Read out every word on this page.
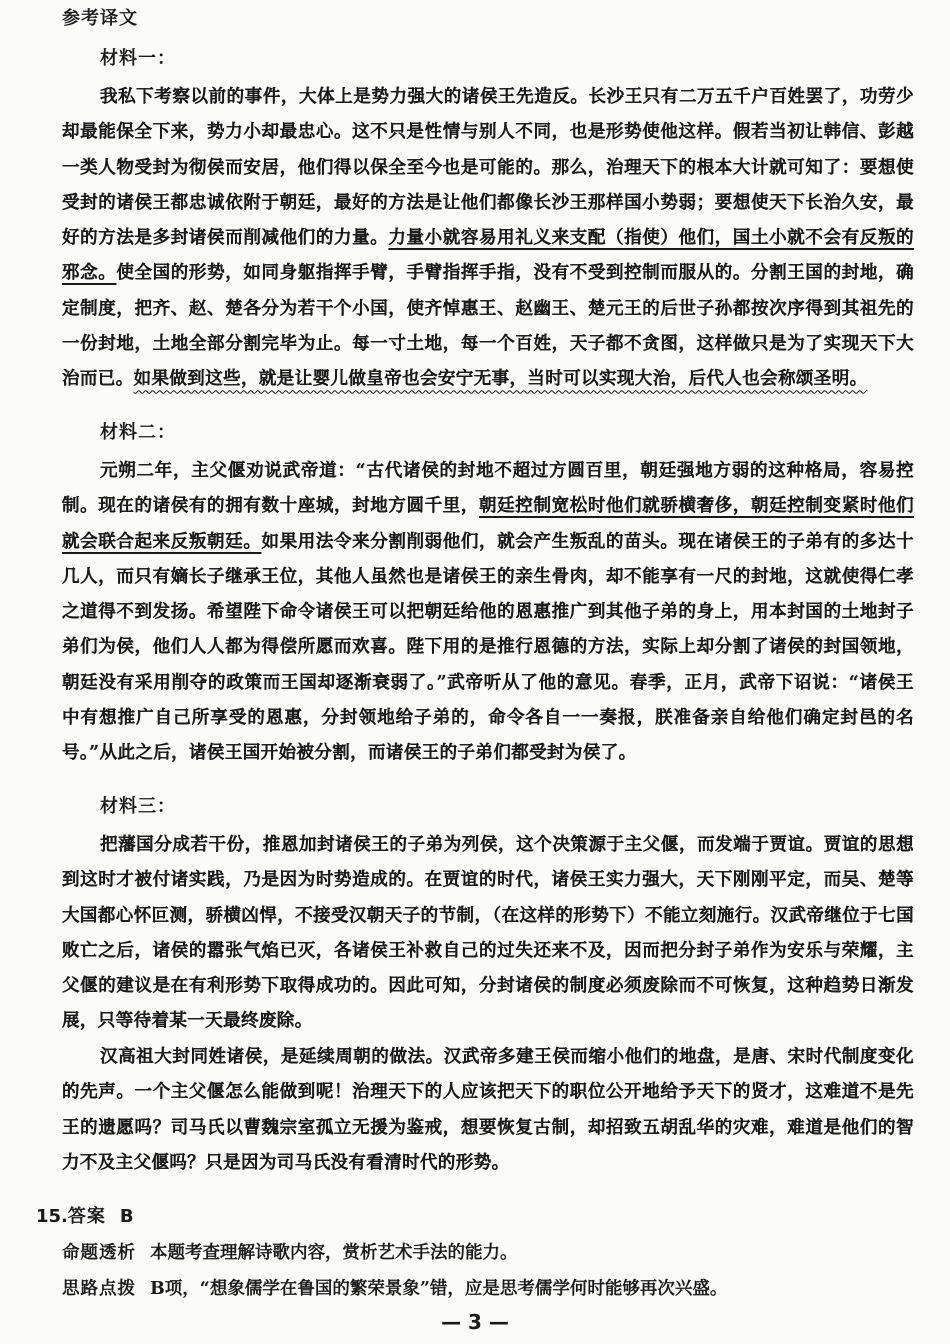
参考译文
材料一：
我私下考察以前的事件，大体上是势力强大的诸侯王先造反。长沙王只有二万五千户百姓罢了，功劳少却最能保全下来，势力小却最忠心。这不只是性情与别人不同，也是形势使他这样。假若当初让韩信、彭越一类人物受封为彻侯而安居，他们得以保全至今也是可能的。那么，治理天下的根本大计就可知了：要想使受封的诸侯王都忠诚依附于朝廷，最好的方法是让他们都像长沙王那样国小势弱；要想使天下长治久安，最好的方法是多封诸侯而削减他们的力量。力量小就容易用礼义来支配（指使）他们，国土小就不会有反叛的邪念。使全国的形势，如同身躯指挥手臂，手臂指挥手指，没有不受到控制而服从的。分割王国的封地，确定制度，把齐、赵、楚各分为若干个小国，使齐悼惠王、赵幽王、楚元王的后世子孙都按次序得到其祖先的一份封地，土地全部分割完毕为止。每一寸土地，每一个百姓，天子都不贪图，这样做只是为了实现天下大治而已。如果做到这些，就是让婴儿做皇帝也会安宁无事，当时可以实现大治，后代人也会称颂圣明。
材料二：
元朔二年，主父偃劝说武帝道：“古代诸侯的封地不超过方圆百里，朝廷强地方弱的这种格局，容易控制。现在的诸侯有的拥有数十座城，封地方圆千里，朝廷控制宽松时他们就骄横奢侈，朝廷控制变紧时他们就会联合起来反叛朝廷。如果用法令来分割削弱他们，就会产生叛乱的苗头。现在诸侯王的子弟有的多达十几人，而只有嫡长子继承王位，其他人虽然也是诸侯王的亲生骨肉，却不能享有一尺的封地，这就使得仁孝之道得不到发扬。希望陛下命令诸侯王可以把朝廷给他的恩惠推广到其他子弟的身上，用本封国的土地封子弟们为侯，他们人人都为得偿所愿而欢喜。陛下用的是推行恩德的方法，实际上却分割了诸侯的封国领地，朝廷没有采用削夺的政策而王国却逐渐衰弱了。”武帝听从了他的意见。春季，正月，武帝下诏说：“诸侯王中有想推广自己所享受的恩惠，分封领地给子弟的，命令各自一一奏报，朕准备亲自给他们确定封邑的名号。”从此之后，诸侯王国开始被分割，而诸侯王的子弟们都受封为侯了。
材料三：
把藩国分成若干份，推恩加封诸侯王的子弟为列侯，这个决策源于主父偃，而发端于贾谊。贾谊的思想到这时才被付诸实践，乃是因为时势造成的。在贾谊的时代，诸侯王实力强大，天下刚刚平定，而吴、楚等大国都心怀叵测，骄横凶悍，不接受汉朝天子的节制，（在这样的形势下）不能立刻施行。汉武帝继位于七国败亡之后，诸侯的嚣张气焰已灭，各诸侯王补救自己的过失还来不及，因而把分封子弟作为安乐与荣耀，主父偃的建议是在有利形势下取得成功的。因此可知，分封诸侯的制度必须废除而不可恢复，这种趋势日渐发展，只等待着某一天最终废除。
汉高祖大封同姓诸侯，是延续周朝的做法。汉武帝多建王侯而缩小他们的地盘，是唐、宋时代制度变化的先声。一个主父偃怎么能做到呢！治理天下的人应该把天下的职位公开地给予天下的贤才，这难道不是先王的遗愿吗？司马氏以曹魏宗室孤立无援为鉴戒，想要恢复古制，却招致五胡乱华的灾难，难道是他们的智力不及主父偃吗？只是因为司马氏没有看清时代的形势。
15.答案 B
命题透析 本题考查理解诗歌内容，赏析艺术手法的能力。
思路点拨 B项，“想象儒学在鲁国的繁荣景象”错，应是思考儒学何时能够再次兴盛。
— 3 —
